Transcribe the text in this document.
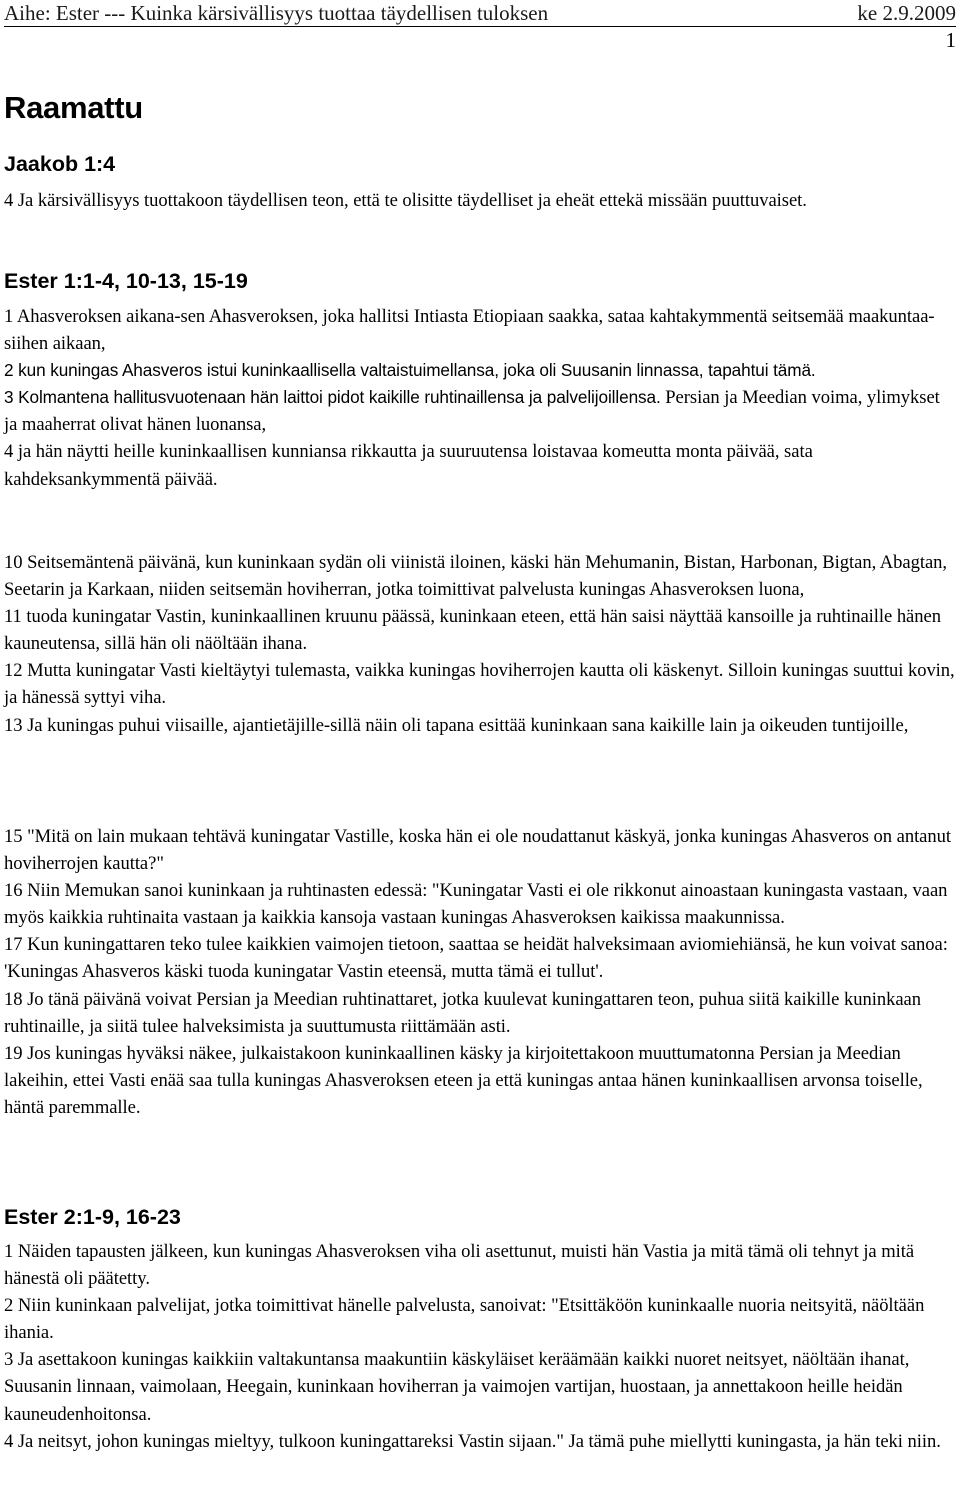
Aihe: Ester --- Kuinka kärsivällisyys tuottaa täydellisen tuloksen	ke 2.9.2009
1
Raamattu
Jaakob 1:4
4 Ja kärsivällisyys tuottakoon täydellisen teon, että te olisitte täydelliset ja eheät ettekä missään puuttuvaiset.
Ester 1:1-4, 10-13, 15-19
1 Ahasveroksen aikana-sen Ahasveroksen, joka hallitsi Intiasta Etiopiaan saakka, sataa kahtakymmentä seitsemää maakuntaa-siihen aikaan,
2 kun kuningas Ahasveros istui kuninkaallisella valtaistuimellansa, joka oli Suusanin linnassa, tapahtui tämä.
3 Kolmantena hallitusvuotenaan hän laittoi pidot kaikille ruhtinaillensa ja palvelijoillensa. Persian ja Meedian voima, ylimykset ja maaherrat olivat hänen luonansa,
4 ja hän näytti heille kuninkaallisen kunniansa rikkautta ja suuruutensa loistavaa komeutta monta päivää, sata kahdeksankymmentä päivää.
10 Seitsemäntenä päivänä, kun kuninkaan sydän oli viinistä iloinen, käski hän Mehumanin, Bistan, Harbonan, Bigtan, Abagtan, Seetarin ja Karkaan, niiden seitsemän hoviherran, jotka toimittivat palvelusta kuningas Ahasveroksen luona,
11 tuoda kuningatar Vastin, kuninkaallinen kruunu päässä, kuninkaan eteen, että hän saisi näyttää kansoille ja ruhtinaille hänen kauneutensa, sillä hän oli näöltään ihana.
12 Mutta kuningatar Vasti kieltäytyi tulemasta, vaikka kuningas hoviherrojen kautta oli käskenyt. Silloin kuningas suuttui kovin, ja hänessä syttyi viha.
13 Ja kuningas puhui viisaille, ajantietäjille-sillä näin oli tapana esittää kuninkaan sana kaikille lain ja oikeuden tuntijoille,
15 "Mitä on lain mukaan tehtävä kuningatar Vastille, koska hän ei ole noudattanut käskyä, jonka kuningas Ahasveros on antanut hoviherrojen kautta?"
16 Niin Memukan sanoi kuninkaan ja ruhtinasten edessä: "Kuningatar Vasti ei ole rikkonut ainoastaan kuningasta vastaan, vaan myös kaikkia ruhtinaita vastaan ja kaikkia kansoja vastaan kuningas Ahasveroksen kaikissa maakunnissa.
17 Kun kuningattaren teko tulee kaikkien vaimojen tietoon, saattaa se heidät halveksimaan aviomiehiänsä, he kun voivat sanoa: 'Kuningas Ahasveros käski tuoda kuningatar Vastin eteensä, mutta tämä ei tullut'.
18 Jo tänä päivänä voivat Persian ja Meedian ruhtinattaret, jotka kuulevat kuningattaren teon, puhua siitä kaikille kuninkaan ruhtinaille, ja siitä tulee halveksimista ja suuttumusta riittämään asti.
19 Jos kuningas hyväksi näkee, julkaistakoon kuninkaallinen käsky ja kirjoitettakoon muuttumatonna Persian ja Meedian lakeihin, ettei Vasti enää saa tulla kuningas Ahasveroksen eteen ja että kuningas antaa hänen kuninkaallisen arvonsa toiselle, häntä paremmalle.
Ester 2:1-9, 16-23
1 Näiden tapausten jälkeen, kun kuningas Ahasveroksen viha oli asettunut, muisti hän Vastia ja mitä tämä oli tehnyt ja mitä hänestä oli päätetty.
2 Niin kuninkaan palvelijat, jotka toimittivat hänelle palvelusta, sanoivat: "Etsittäköön kuninkaalle nuoria neitsyitä, näöltään ihania.
3 Ja asettakoon kuningas kaikkiin valtakuntansa maakuntiin käskyläiset keräämään kaikki nuoret neitsyet, näöltään ihanat, Suusanin linnaan, vaimolaan, Heegain, kuninkaan hoviherran ja vaimojen vartijan, huostaan, ja annettakoon heille heidän kauneudenhoitonsa.
4 Ja neitsyt, johon kuningas mieltyy, tulkoon kuningattareksi Vastin sijaan." Ja tämä puhe miellytti kuningasta, ja hän teki niin.
